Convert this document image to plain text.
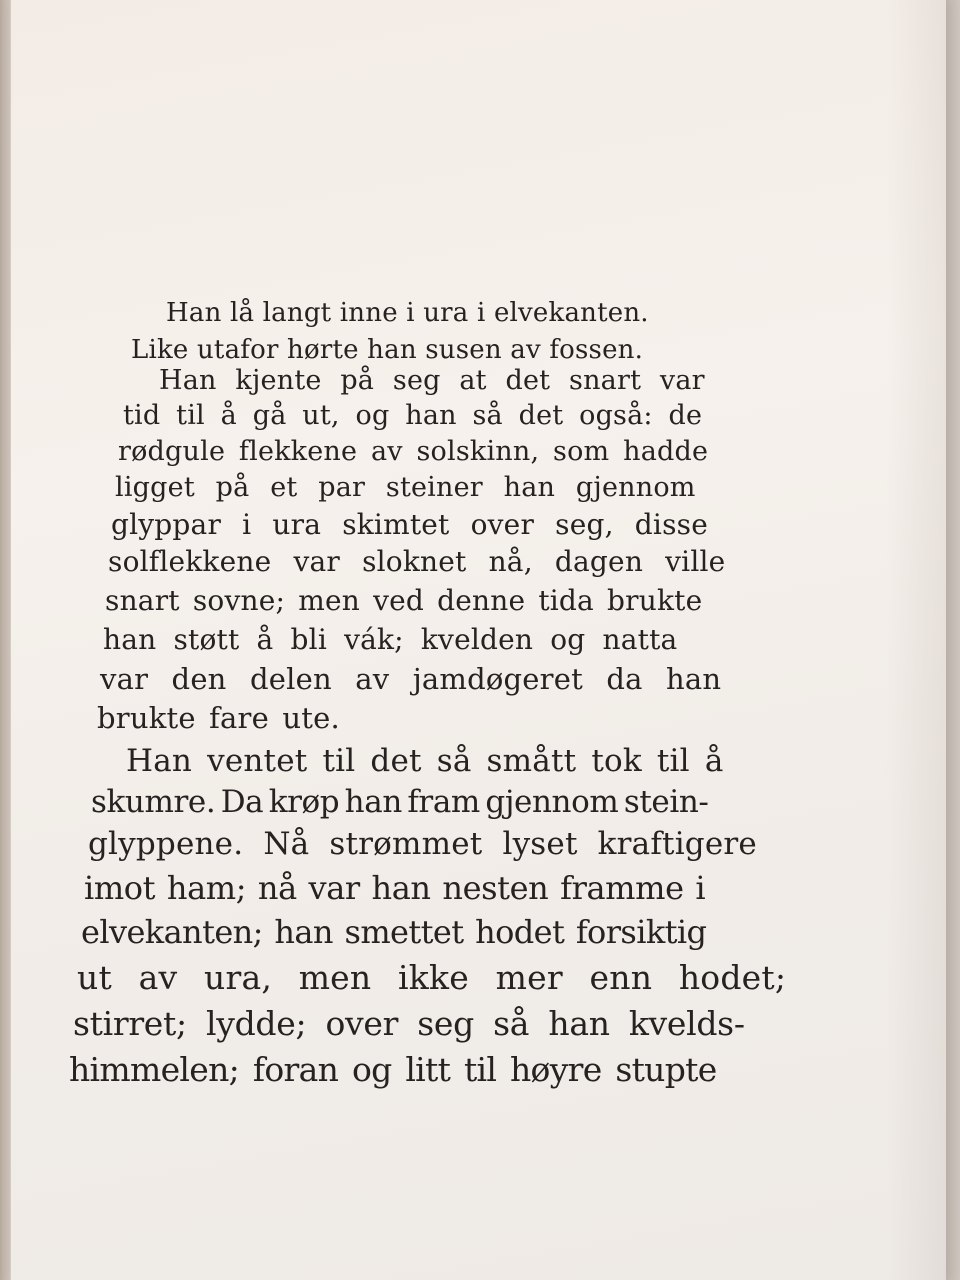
Han lå langt inne i ura i elvekanten.
Like utafor hørte han susen av fossen.
Han kjente på seg at det snart var
tid til å gå ut, og han så det også: de
rødgule flekkene av solskinn, som hadde
ligget på et par steiner han gjennom
glyppar i ura skimtet over seg, disse
solflekkene var sloknet nå, dagen ville
snart sovne; men ved denne tida brukte
han støtt å bli vák; kvelden og natta
var den delen av jamdøgeret da han
brukte fare ute.
Han ventet til det så smått tok til å
skumre. Da krøp han fram gjennom stein-
glyppene. Nå strømmet lyset kraftigere
imot ham; nå var han nesten framme i
elvekanten; han smettet hodet forsiktig
ut av ura, men ikke mer enn hodet;
stirret; lydde; over seg så han kvelds-
himmelen; foran og litt til høyre stupte
